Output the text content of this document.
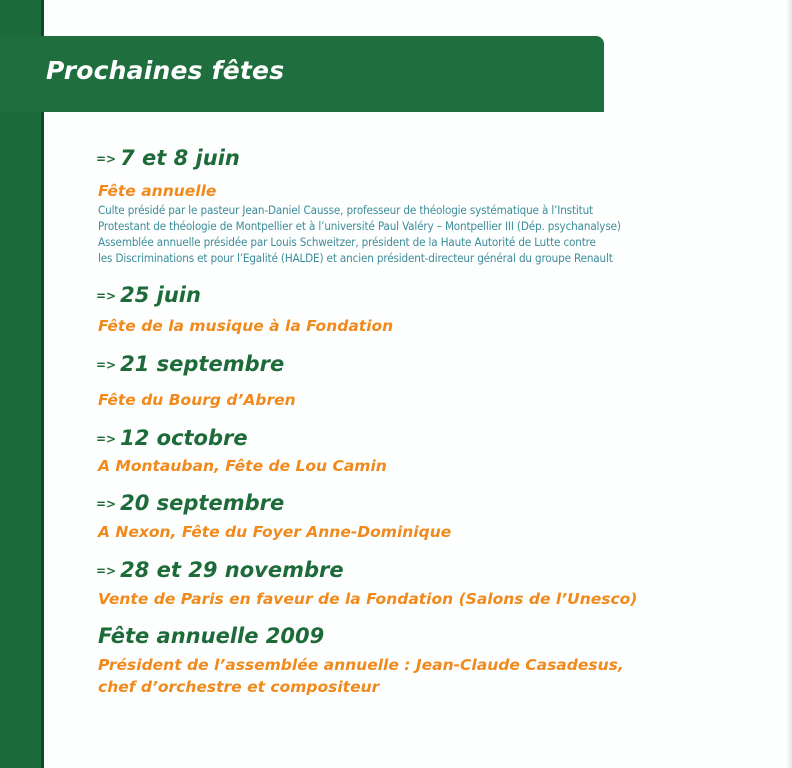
Prochaines fêtes
=> 7 et 8 juin
Fête annuelle
Culte présidé par le pasteur Jean-Daniel Causse, professeur de théologie systématique à l’Institut
Protestant de théologie de Montpellier et à l’université Paul Valéry – Montpellier III (Dép. psychanalyse)
Assemblée annuelle présidée par Louis Schweitzer, président de la Haute Autorité de Lutte contre
les Discriminations et pour l’Egalité (HALDE) et ancien président-directeur général du groupe Renault
=> 25 juin
Fête de la musique à la Fondation
=> 21 septembre
Fête du Bourg d’Abren
=> 12 octobre
A Montauban, Fête de Lou Camin
=> 20 septembre
A Nexon, Fête du Foyer Anne-Dominique
=> 28 et 29 novembre
Vente de Paris en faveur de la Fondation (Salons de l’Unesco)
Fête annuelle 2009
Président de l’assemblée annuelle : Jean-Claude Casadesus,
chef d’orchestre et compositeur
